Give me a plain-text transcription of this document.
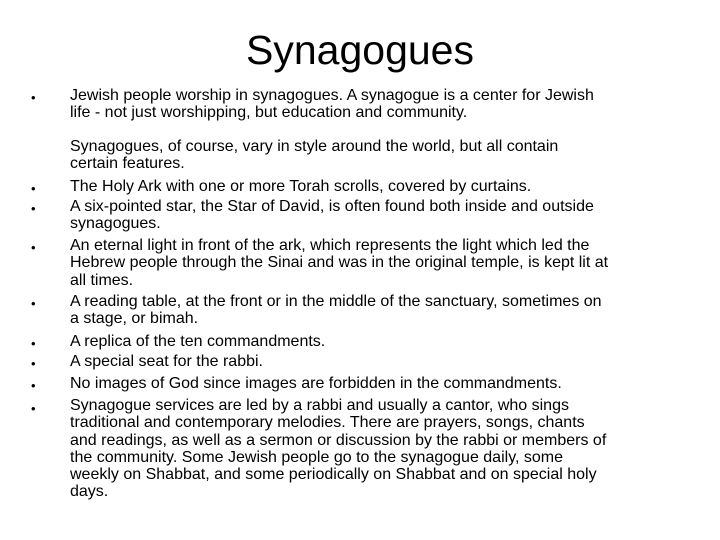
Synagogues
• Jewish people worship in synagogues. A synagogue is a center for Jewish
life - not just worshipping, but education and community.
Synagogues, of course, vary in style around the world, but all contain
certain features.
• The Holy Ark with one or more Torah scrolls, covered by curtains.
• A six-pointed star, the Star of David, is often found both inside and outside
synagogues.
• An eternal light in front of the ark, which represents the light which led the
Hebrew people through the Sinai and was in the original temple, is kept lit at
all times.
• A reading table, at the front or in the middle of the sanctuary, sometimes on
a stage, or bimah.
• A replica of the ten commandments.
• A special seat for the rabbi.
• No images of God since images are forbidden in the commandments.
• Synagogue services are led by a rabbi and usually a cantor, who sings
traditional and contemporary melodies. There are prayers, songs, chants
and readings, as well as a sermon or discussion by the rabbi or members of
the community. Some Jewish people go to the synagogue daily, some
weekly on Shabbat, and some periodically on Shabbat and on special holy
days.
